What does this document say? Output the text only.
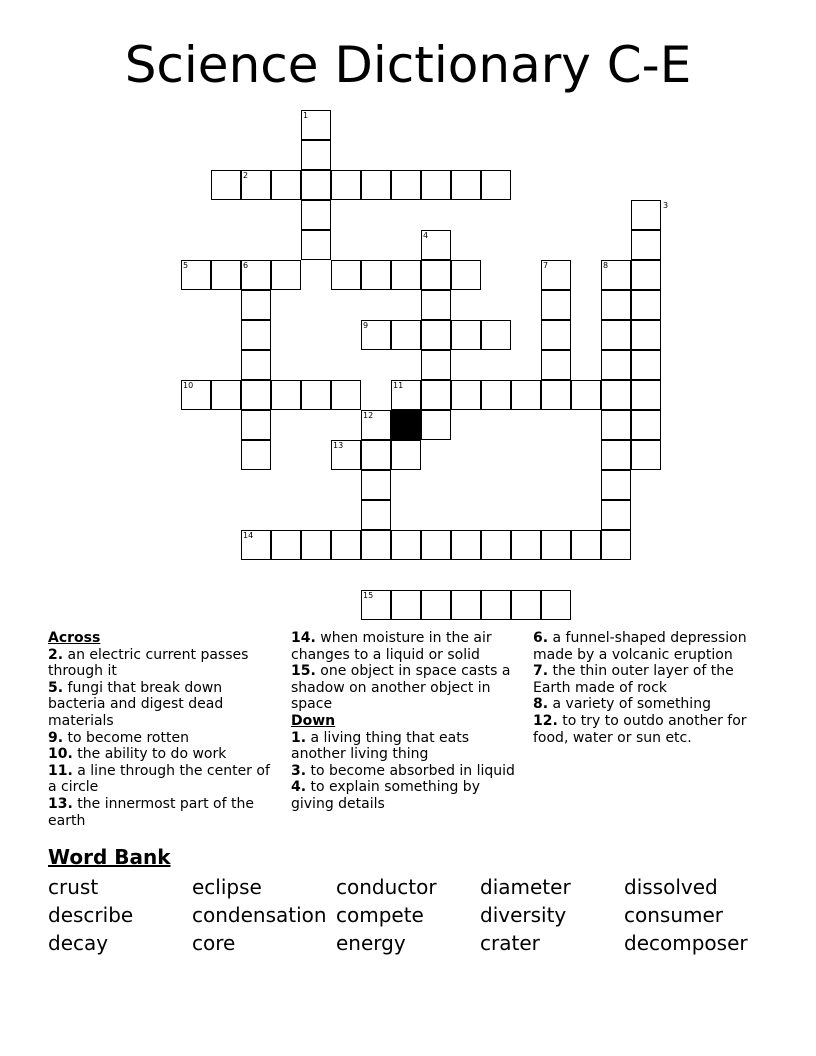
Science Dictionary C-E
1
2
3
4
5	6	7	8
9
10	11
12
13
14
15
Across
2. an electric current passes through it
5. fungi that break down bacteria and digest dead materials
9. to become rotten
10. the ability to do work
11. a line through the center of a circle
13. the innermost part of the earth
14. when moisture in the air changes to a liquid or solid
15. one object in space casts a shadow on another object in space
Down
1. a living thing that eats another living thing
3. to become absorbed in liquid
4. to explain something by giving details
6. a funnel-shaped depression made by a volcanic eruption
7. the thin outer layer of the Earth made of rock
8. a variety of something
12. to try to outdo another for food, water or sun etc.
Word Bank
crust
describe
decay
eclipse
condensation
core
conductor
compete
energy
diameter
diversity
crater
dissolved
consumer
decomposer
